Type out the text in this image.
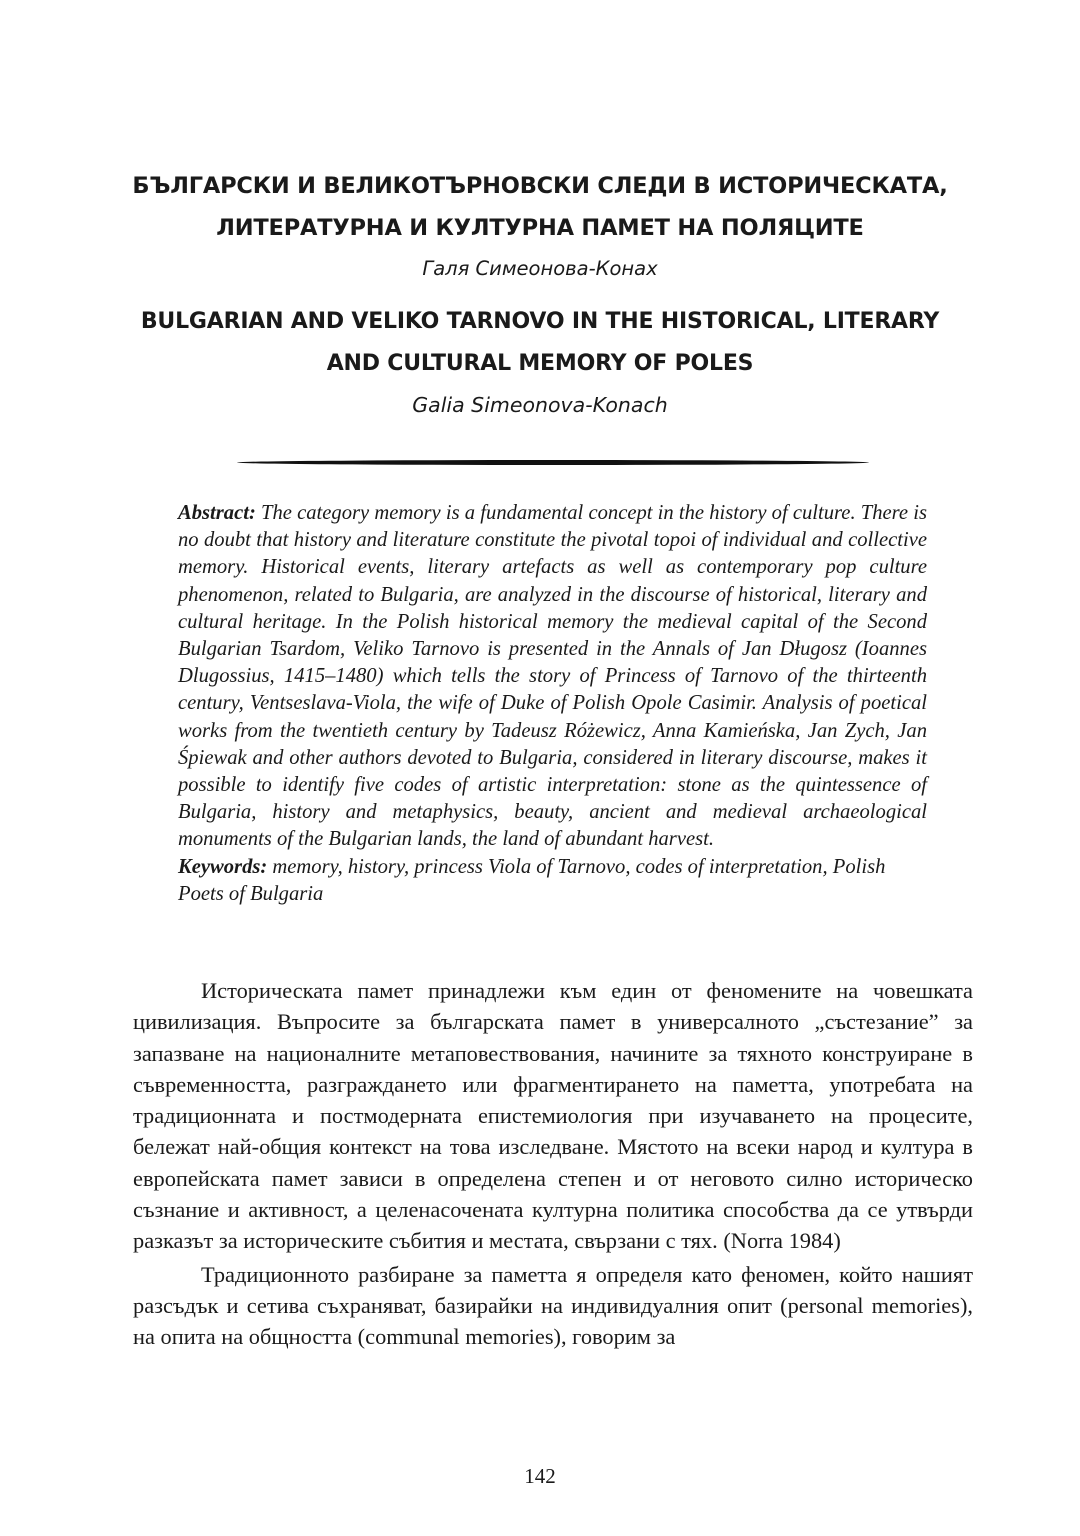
БЪЛГАРСКИ И ВЕЛИКОТЪРНОВСКИ СЛЕДИ В ИСТОРИЧЕСКАТА,
ЛИТЕРАТУРНА И КУЛТУРНА ПАМЕТ НА ПОЛЯЦИТЕ
Галя Симеонова-Конах
BULGARIAN AND VELIKO TARNOVO IN THE HISTORICAL, LITERARY
AND CULTURAL MEMORY OF POLES
Galia Simeonova-Konach
Abstract: The category memory is a fundamental concept in the history of culture. There is no doubt that history and literature constitute the pivotal topoi of individual and collective memory. Historical events, literary artefacts as well as contemporary pop culture phenomenon, related to Bulgaria, are analyzed in the discourse of historical, literary and cultural heritage. In the Polish historical memory the medieval capital of the Second Bulgarian Tsardom, Veliko Tarnovo is presented in the Annals of Jan Długosz (Ioannes Dlugossius, 1415–1480) which tells the story of Princess of Tarnovo of the thirteenth century, Ventseslava-Viola, the wife of Duke of Polish Opole Casimir. Analysis of poetical works from the twentieth century by Tadeusz Różewicz, Anna Kamieńska, Jan Zych, Jan Śpiewak and other authors devoted to Bulgaria, considered in literary discourse, makes it possible to identify five codes of artistic interpretation: stone as the quintessence of Bulgaria, history and metaphysics, beauty, ancient and medieval archaeological monuments of the Bulgarian lands, the land of abundant harvest.
Keywords: memory, history, princess Viola of Tarnovo, codes of interpretation, Polish Poets of Bulgaria

Историческата памет принадлежи към един от феномените на човешката цивилизация. Въпросите за българската памет в универсалното „състезание” за запазване на националните метаповествования, начините за тяхното конструиране в съвременността, разграждането или фрагментирането на паметта, употребата на традиционната и постмодерната епистемиология при изучаването на процесите, бележат най-общия контекст на това изследване. Мястото на всеки народ и култура в европейската памет зависи в определена степен и от неговото силно историческо съзнание и активност, а целенасочената културна политика способства да се утвърди разказът за историческите събития и местата, свързани с тях. (Norra 1984)

Традиционното разбиране за паметта я определя като феномен, който нашият разсъдък и сетива съхраняват, базирайки на индивидуалния опит (personal memories), на опита на общността (communal memories), говорим за

142
